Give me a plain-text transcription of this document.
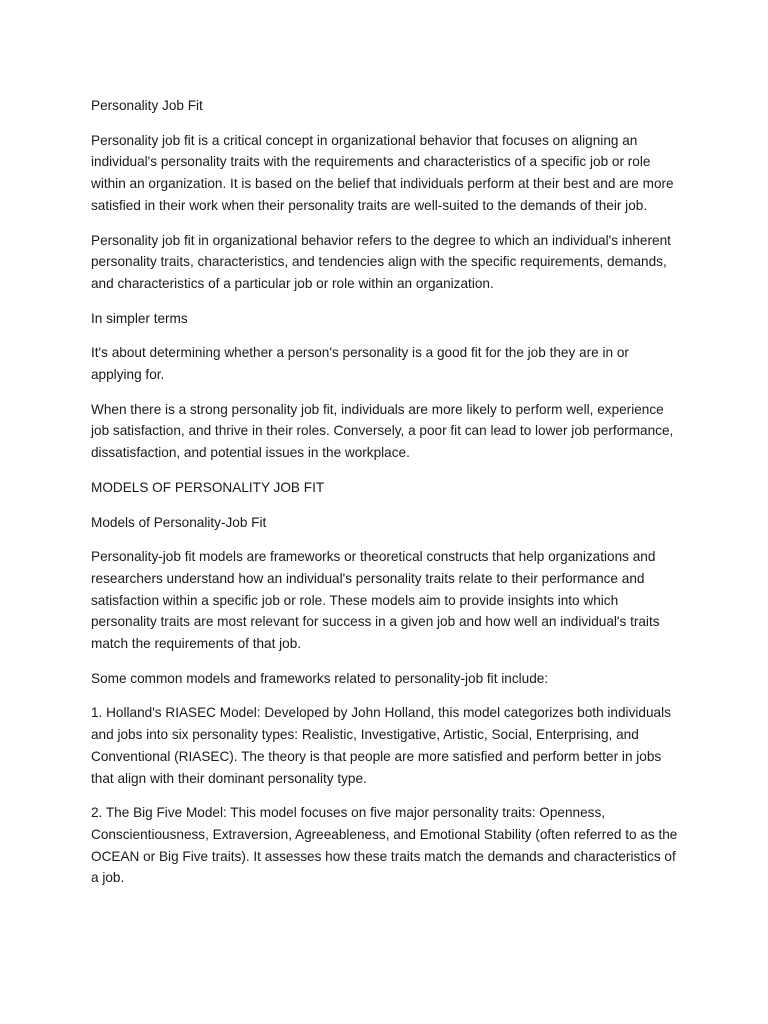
Personality Job Fit

Personality job fit is a critical concept in organizational behavior that focuses on aligning an individual's personality traits with the requirements and characteristics of a specific job or role within an organization. It is based on the belief that individuals perform at their best and are more satisfied in their work when their personality traits are well-suited to the demands of their job.

Personality job fit in organizational behavior refers to the degree to which an individual's inherent personality traits, characteristics, and tendencies align with the specific requirements, demands, and characteristics of a particular job or role within an organization.

In simpler terms

It's about determining whether a person's personality is a good fit for the job they are in or applying for.

When there is a strong personality job fit, individuals are more likely to perform well, experience job satisfaction, and thrive in their roles. Conversely, a poor fit can lead to lower job performance, dissatisfaction, and potential issues in the workplace.

MODELS OF PERSONALITY JOB FIT

Models of Personality-Job Fit

Personality-job fit models are frameworks or theoretical constructs that help organizations and researchers understand how an individual's personality traits relate to their performance and satisfaction within a specific job or role. These models aim to provide insights into which personality traits are most relevant for success in a given job and how well an individual's traits match the requirements of that job.

Some common models and frameworks related to personality-job fit include:

1. Holland's RIASEC Model: Developed by John Holland, this model categorizes both individuals and jobs into six personality types: Realistic, Investigative, Artistic, Social, Enterprising, and Conventional (RIASEC). The theory is that people are more satisfied and perform better in jobs that align with their dominant personality type.

2. The Big Five Model: This model focuses on five major personality traits: Openness, Conscientiousness, Extraversion, Agreeableness, and Emotional Stability (often referred to as the OCEAN or Big Five traits). It assesses how these traits match the demands and characteristics of a job.
